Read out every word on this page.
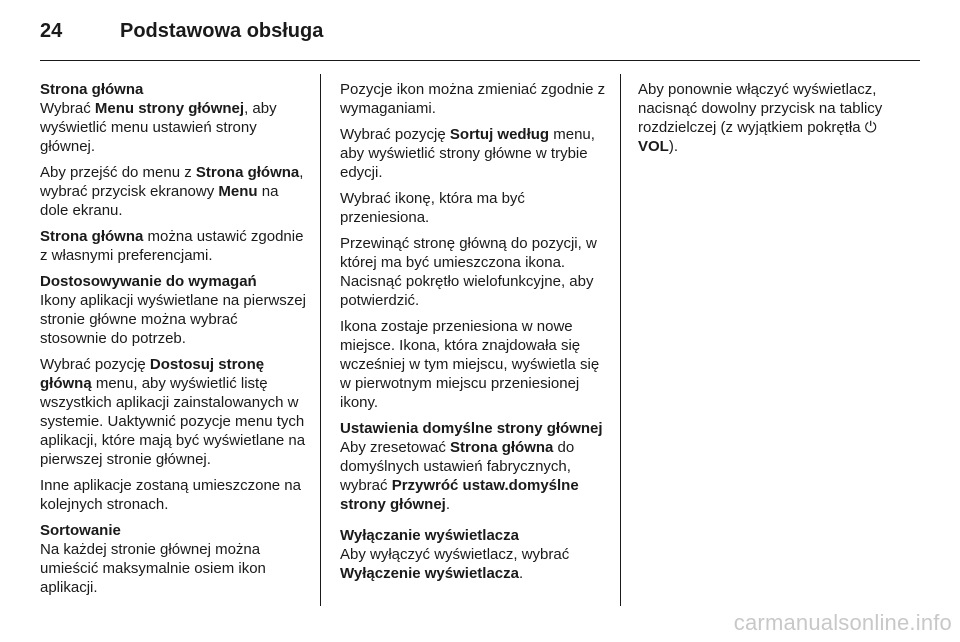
24	Podstawowa obsługa
Strona główna

Wybrać Menu strony głównej, aby wyświetlić menu ustawień strony głównej.

Aby przejść do menu z Strona główna, wybrać przycisk ekranowy Menu na dole ekranu.

Strona główna można ustawić zgodnie z własnymi preferencjami.

Dostosowywanie do wymagań

Ikony aplikacji wyświetlane na pierwszej stronie główne można wybrać stosownie do potrzeb.

Wybrać pozycję Dostosuj stronę główną menu, aby wyświetlić listę wszystkich aplikacji zainstalowanych w systemie. Uaktywnić pozycje menu tych aplikacji, które mają być wyświetlane na pierwszej stronie głównej.

Inne aplikacje zostaną umieszczone na kolejnych stronach.

Sortowanie

Na każdej stronie głównej można umieścić maksymalnie osiem ikon aplikacji.

Pozycje ikon można zmieniać zgodnie z wymaganiami.

Wybrać pozycję Sortuj według menu, aby wyświetlić strony główne w trybie edycji.

Wybrać ikonę, która ma być przeniesiona.

Przewinąć stronę główną do pozycji, w której ma być umieszczona ikona. Nacisnąć pokrętło wielofunkcyjne, aby potwierdzić.

Ikona zostaje przeniesiona w nowe miejsce. Ikona, która znajdowała się wcześniej w tym miejscu, wyświetla się w pierwotnym miejscu przeniesionej ikony.

Ustawienia domyślne strony głównej

Aby zresetować Strona główna do domyślnych ustawień fabrycznych, wybrać Przywróć ustaw.domyślne strony głównej.

Wyłączanie wyświetlacza

Aby wyłączyć wyświetlacz, wybrać Wyłączenie wyświetlacza.

Aby ponownie włączyć wyświetlacz, nacisnąć dowolny przycisk na tablicy rozdzielczej (z wyjątkiem pokrętła ⏻ VOL).

carmanualsonline.info
